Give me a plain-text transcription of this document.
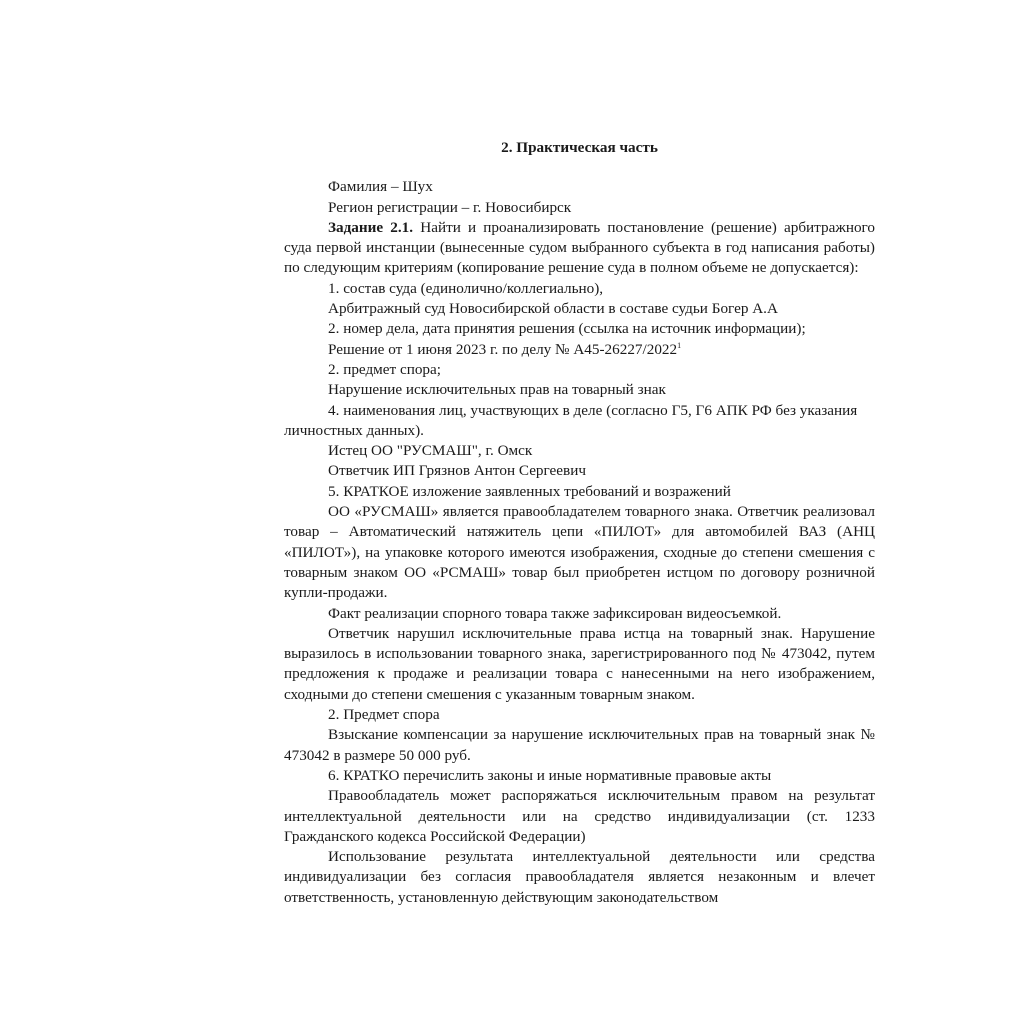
2. Практическая часть

Фамилия – Шух

Регион регистрации – г. Новосибирск

Задание 2.1. Найти и проанализировать постановление (решение) арбитражного суда первой инстанции (вынесенные судом выбранного субъекта в год написания работы) по следующим критериям (копирование решение суда в полном объеме не допускается):

1. состав суда (единолично/коллегиально),

Арбитражный суд Новосибирской области в составе судьи Богер А.А

2. номер дела, дата принятия решения (ссылка на источник информации);

Решение от 1 июня 2023 г. по делу № А45-26227/2022$^1$

2. предмет спора;

Нарушение исключительных прав на товарный знак

4. наименования лиц, участвующих в деле (согласно Г5, Г6 АПК РФ без указания личностных данных).

Истец ОО "РУСМАШ", г. Омск

Ответчик ИП Грязнов Антон Сергеевич

5. КРАТКОЕ изложение заявленных требований и возражений

ОО «РУСМАШ» является правообладателем товарного знака. Ответчик реализовал товар – Автоматический натяжитель цепи «ПИЛОТ» для автомобилей ВАЗ (АНЦ «ПИЛОТ»), на упаковке которого имеются изображения, сходные до степени смешения с товарным знаком ОО «РСМАШ» товар был приобретен истцом по договору розничной купли-продажи.

Факт реализации спорного товара также зафиксирован видеосъемкой.

Ответчик нарушил исключительные права истца на товарный знак. Нарушение выразилось в использовании товарного знака, зарегистрированного под № 473042, путем предложения к продаже и реализации товара с нанесенными на него изображением, сходными до степени смешения с указанным товарным знаком.

2. Предмет спора

Взыскание компенсации за нарушение исключительных прав на товарный знак № 473042 в размере 50 000 руб.

6. КРАТКО перечислить законы и иные нормативные правовые акты

Правообладатель может распоряжаться исключительным правом на результат интеллектуальной деятельности или на средство индивидуализации (ст. 1233 Гражданского кодекса Российской Федерации)

Использование результата интеллектуальной деятельности или средства индивидуализации без согласия правообладателя является незаконным и влечет ответственность, установленную действующим законодательством
